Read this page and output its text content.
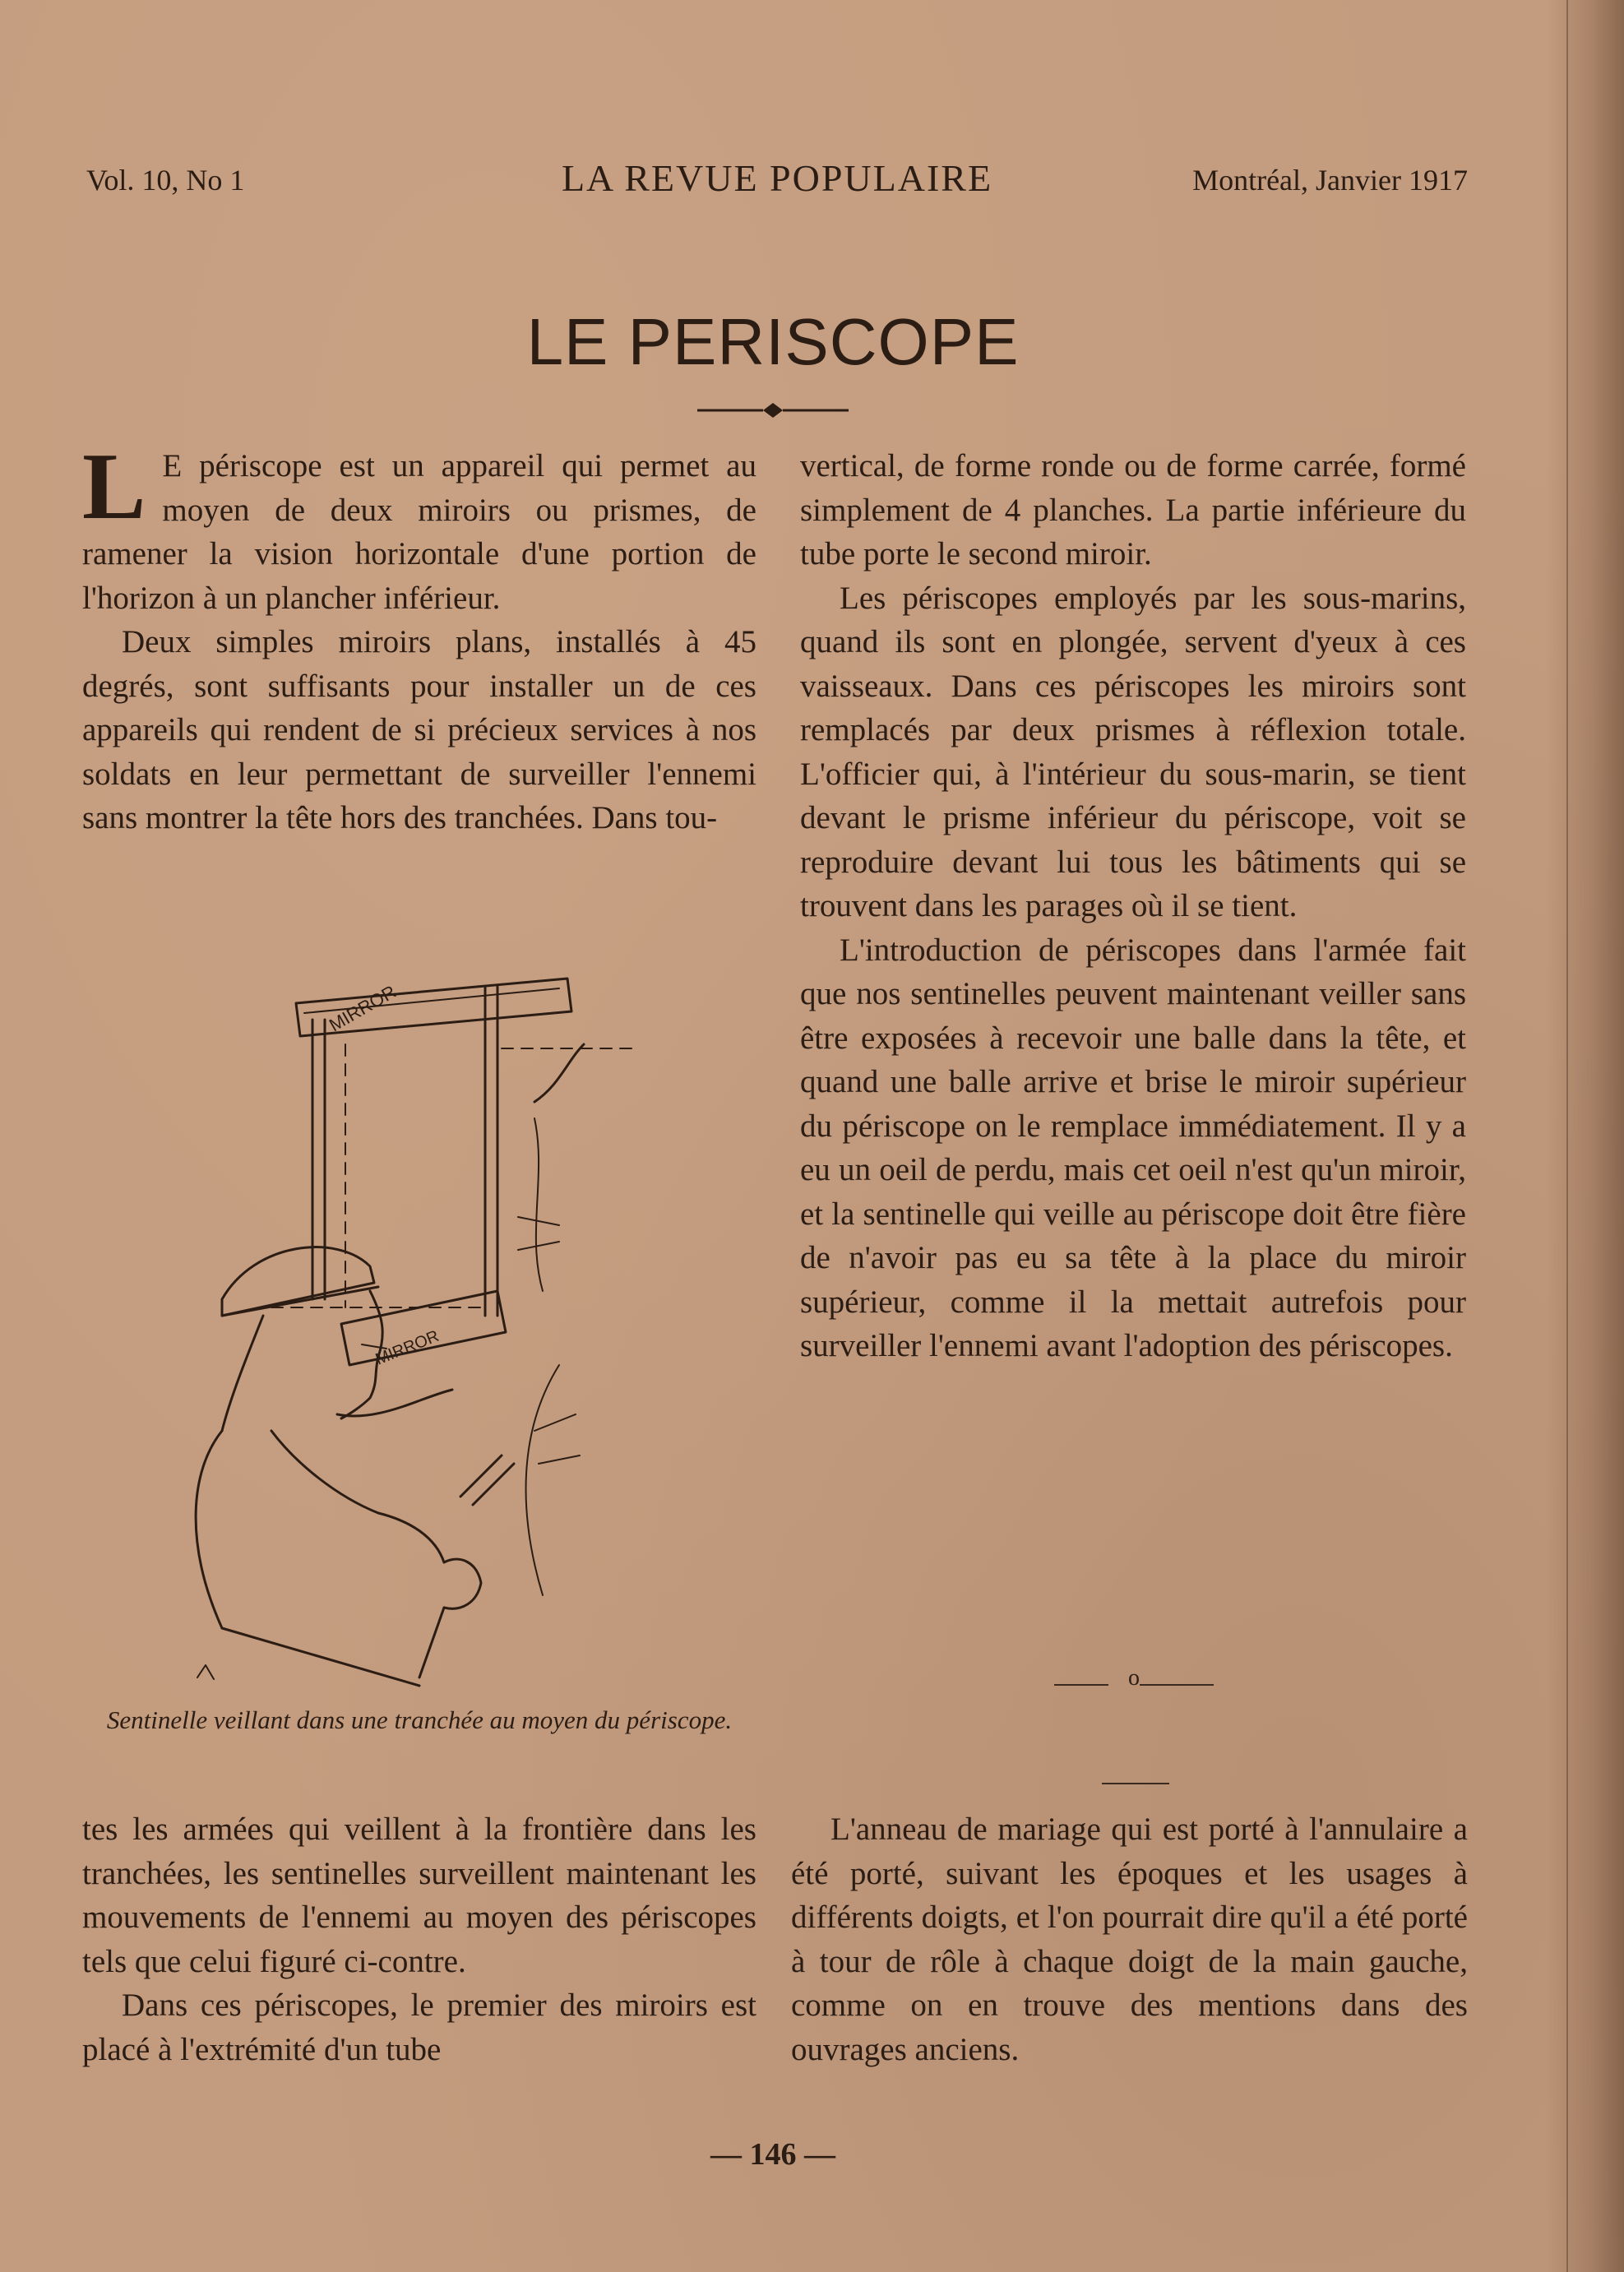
Vol. 10, No 1	LA REVUE POPULAIRE	Montréal, Janvier 1917
LE PERISCOPE

L E périscope est un appareil qui permet au moyen de deux miroirs ou prismes, de ramener la vision horizontale d'une portion de l'horizon à un plancher inférieur.

Deux simples miroirs plans, installés à 45 degrés, sont suffisants pour installer un de ces appareils qui rendent de si précieux services à nos soldats en leur permettant de surveiller l'ennemi sans montrer la tête hors des tranchées. Dans tou-

vertical, de forme ronde ou de forme carrée, formé simplement de 4 planches. La partie inférieure du tube porte le second miroir.

Les périscopes employés par les sous-marins, quand ils sont en plongée, servent d'yeux à ces vaisseaux. Dans ces périscopes les miroirs sont remplacés par deux prismes à réflexion totale. L'officier qui, à l'intérieur du sous-marin, se tient devant le prisme inférieur du périscope, voit se reproduire devant lui tous les bâtiments qui se trouvent dans les parages où il se tient.

L'introduction de périscopes dans l'armée fait que nos sentinelles peuvent maintenant veiller sans être exposées à recevoir une balle dans la tête, et quand une balle arrive et brise le miroir supérieur du périscope on le remplace immédiatement. Il y a eu un oeil de perdu, mais cet oeil n'est qu'un miroir, et la sentinelle qui veille au périscope doit être fière de n'avoir pas eu sa tête à la place du miroir supérieur, comme il la mettait autrefois pour surveiller l'ennemi avant l'adoption des périscopes.

MIRROR
MIRROR
Sentinelle veillant dans une tranchée au moyen du périscope.

tes les armées qui veillent à la frontière dans les tranchées, les sentinelles surveillent maintenant les mouvements de l'ennemi au moyen des périscopes tels que celui figuré ci-contre.

Dans ces périscopes, le premier des miroirs est placé à l'extrémité d'un tube

o

L'anneau de mariage qui est porté à l'annulaire a été porté, suivant les époques et les usages à différents doigts, et l'on pourrait dire qu'il a été porté à tour de rôle à chaque doigt de la main gauche, comme on en trouve des mentions dans des ouvrages anciens.

— 146 —
